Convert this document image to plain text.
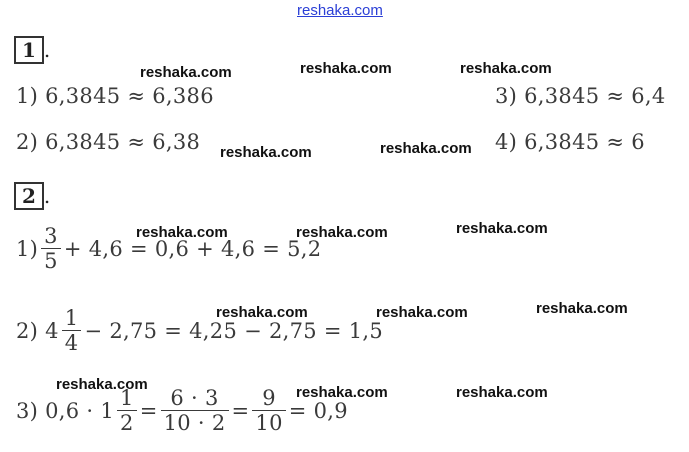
reshaka.com
1 .
1) 6,3845 ≈ 6,386
2) 6,3845 ≈ 6,38
3) 6,3845 ≈ 6,4
4) 6,3845 ≈ 6
2 .
$1) \frac{3}{5} + 4,6 = 0,6 + 4,6 = 5,2$
2) $4 \frac{1}{4} - 2,75 = 4,25 - 2,75 = 1,5$
3) $0,6 \cdot 1 \frac{1}{2} = \frac{6 \cdot 3}{10 \cdot 2} = \frac{9}{10} = 0,9$
reshaka.com	reshaka.com	reshaka.com
reshaka.com	reshaka.com
reshaka.com	reshaka.com	reshaka.com
reshaka.com	reshaka.com	reshaka.com
reshaka.com	reshaka.com	reshaka.com
